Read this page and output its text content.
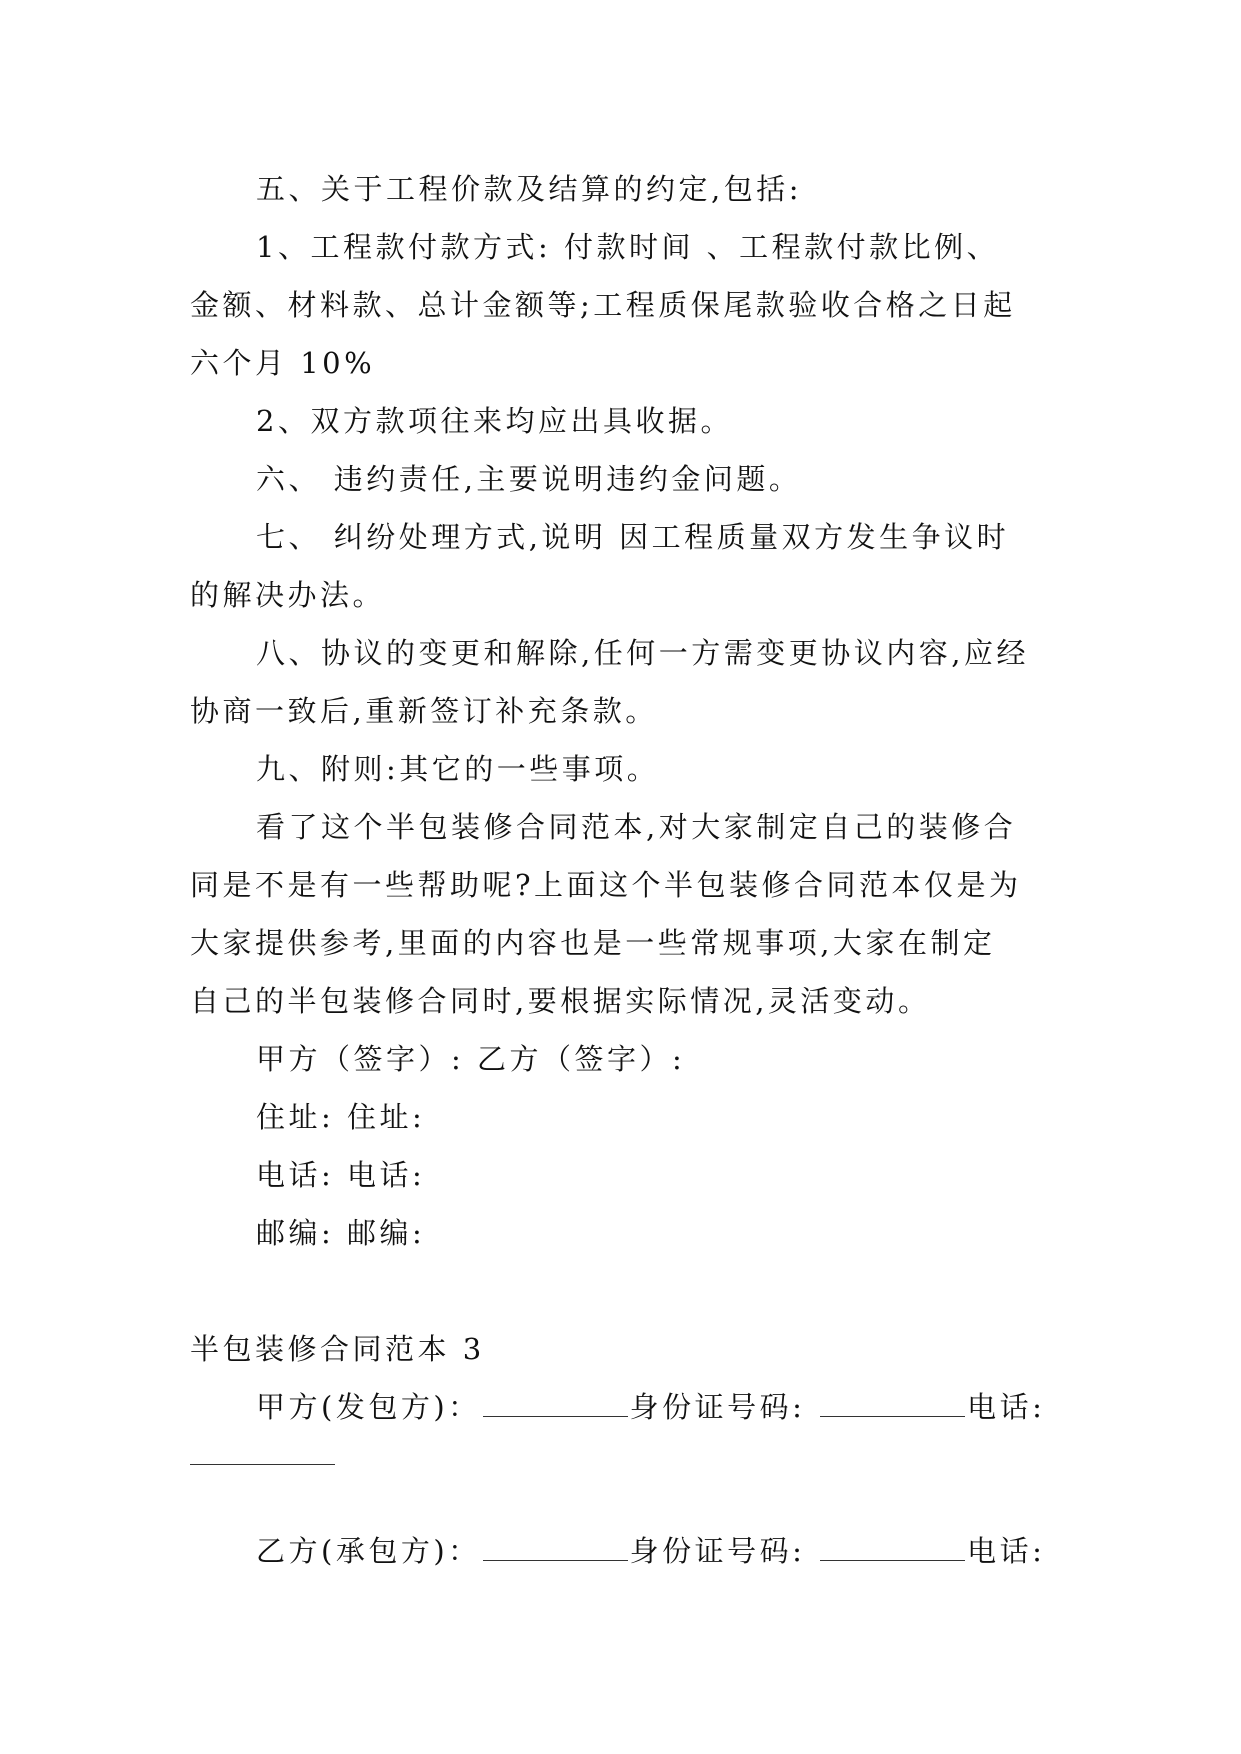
五、关于工程价款及结算的约定,包括:
1、工程款付款方式: 付款时间 、工程款付款比例、
金额、材料款、总计金额等;工程质保尾款验收合格之日起
六个月 10%
2、双方款项往来均应出具收据。
六、 违约责任,主要说明违约金问题。
七、 纠纷处理方式,说明 因工程质量双方发生争议时
的解决办法。
八、协议的变更和解除,任何一方需变更协议内容,应经
协商一致后,重新签订补充条款。
九、附则:其它的一些事项。
看了这个半包装修合同范本,对大家制定自己的装修合
同是不是有一些帮助呢?上面这个半包装修合同范本仅是为
大家提供参考,里面的内容也是一些常规事项,大家在制定
自己的半包装修合同时,要根据实际情况,灵活变动。
甲方（签字）: 乙方（签字）:
住址: 住址:
电话: 电话:
邮编: 邮编:
半包装修合同范本 3
甲方(发包方)：	身份证号码:	电话:
乙方(承包方)：	身份证号码:	电话:
